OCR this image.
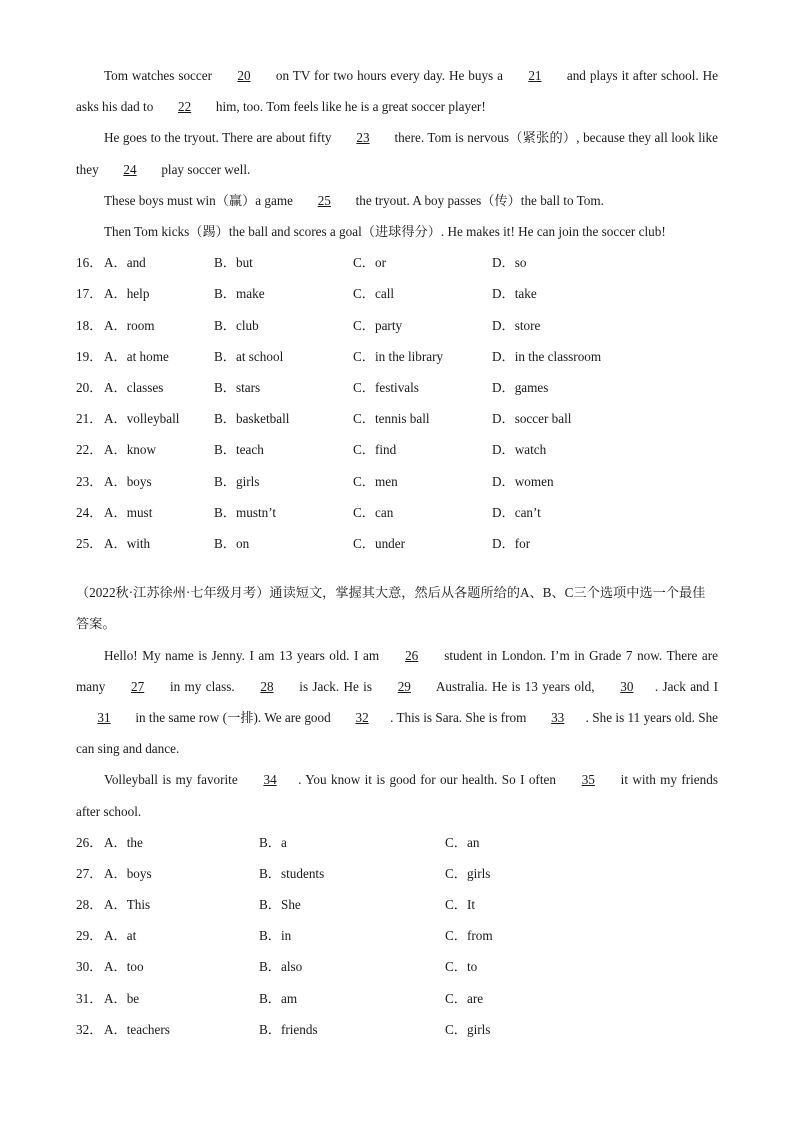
Tom watches soccer 20 on TV for two hours every day. He buys a 21 and plays it after school. He asks his dad to 22 him, too. Tom feels like he is a great soccer player!

He goes to the tryout. There are about fifty 23 there. Tom is nervous（紧张的）, because they all look like they 24 play soccer well.

These boys must win（赢）a game 25 the tryout. A boy passes（传）the ball to Tom.

Then Tom kicks（踢）the ball and scores a goal（进球得分）. He makes it! He can join the soccer club!

16． A．and	B．but	C．or	D．so
17． A．help	B．make	C．call	D．take
18． A．room	B．club	C．party	D．store
19． A．at home	B．at school	C．in the library	D．in the classroom
20． A．classes	B．stars	C．festivals	D．games
21． A．volleyball	B．basketball	C．tennis ball	D．soccer ball
22． A．know	B．teach	C．find	D．watch
23． A．boys	B．girls	C．men	D．women
24． A．must	B．mustn’t	C．can	D．can’t
25． A．with	B．on	C．under	D．for

（2022秋·江苏徐州·七年级月考）通读短文，掌握其大意，然后从各题所给的A、B、C三个选项中选一个最佳答案。

Hello! My name is Jenny. I am 13 years old. I am 26 student in London. I’m in Grade 7 now. There are many 27 in my class. 28 is Jack. He is 29 Australia. He is 13 years old, 30 . Jack and I 31 in the same row (一排). We are good 32 . This is Sara. She is from 33 . She is 11 years old. She can sing and dance.

Volleyball is my favorite 34 . You know it is good for our health. So I often 35 it with my friends after school.

26． A．the	B．a	C．an
27． A．boys	B．students	C．girls
28． A．This	B．She	C．It
29． A．at	B．in	C．from
30． A．too	B．also	C．to
31． A．be	B．am	C．are
32． A．teachers	B．friends	C．girls
